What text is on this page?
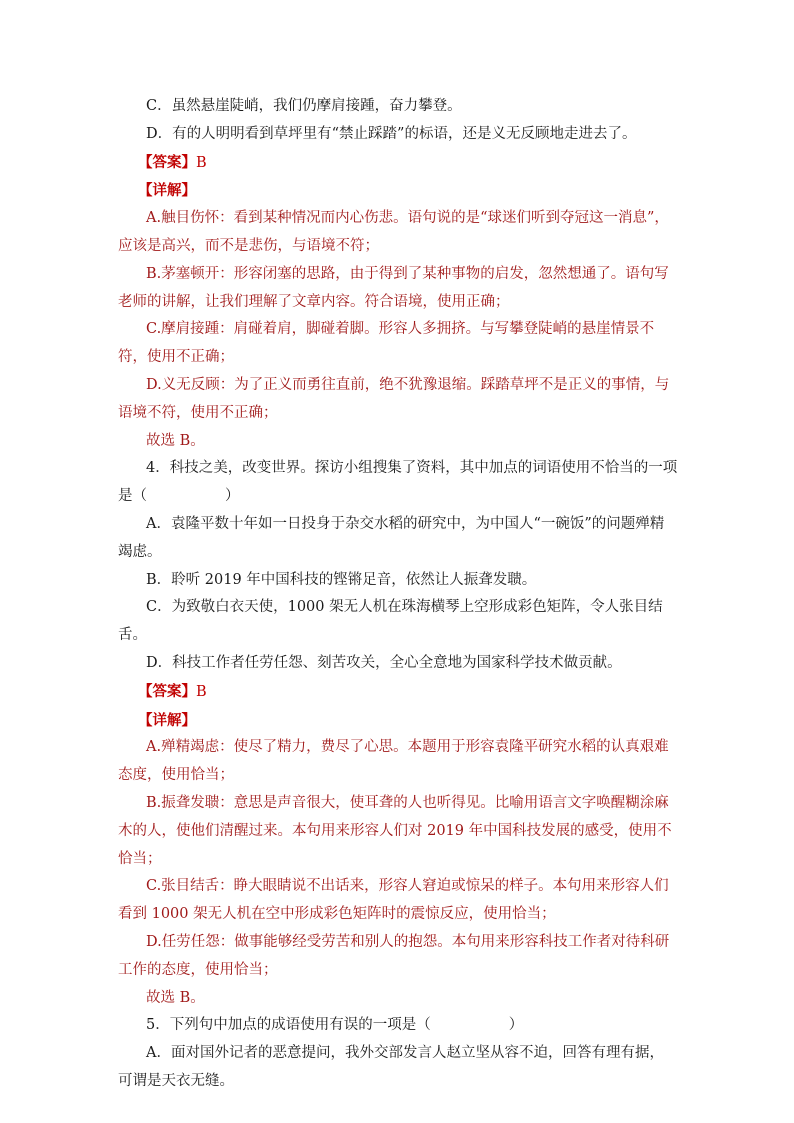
C．虽然悬崖陡峭，我们仍摩肩接踵，奋力攀登。

D．有的人明明看到草坪里有“禁止踩踏”的标语，还是义无反顾地走进去了。

【答案】B

【详解】

A.触目伤怀：看到某种情况而内心伤悲。语句说的是“球迷们听到夺冠这一消息”，应该是高兴，而不是悲伤，与语境不符；

B.茅塞顿开：形容闭塞的思路，由于得到了某种事物的启发，忽然想通了。语句写老师的讲解，让我们理解了文章内容。符合语境，使用正确；

C.摩肩接踵：肩碰着肩，脚碰着脚。形容人多拥挤。与写攀登陡峭的悬崖情景不符，使用不正确；

D.义无反顾：为了正义而勇往直前，绝不犹豫退缩。踩踏草坪不是正义的事情，与语境不符，使用不正确；

故选 B。

4．科技之美，改变世界。探访小组搜集了资料，其中加点的词语使用不恰当的一项是（	）

A．袁隆平数十年如一日投身于杂交水稻的研究中，为中国人“一碗饭”的问题殚精竭虑。

B．聆听 2019 年中国科技的铿锵足音，依然让人振聋发聩。

C．为致敬白衣天使，1000 架无人机在珠海横琴上空形成彩色矩阵，令人张目结舌。

D．科技工作者任劳任怨、刻苦攻关，全心全意地为国家科学技术做贡献。

【答案】B

【详解】

A.殚精竭虑：使尽了精力，费尽了心思。本题用于形容袁隆平研究水稻的认真艰难态度，使用恰当；

B.振聋发聩：意思是声音很大，使耳聋的人也听得见。比喻用语言文字唤醒糊涂麻木的人，使他们清醒过来。本句用来形容人们对 2019 年中国科技发展的感受，使用不恰当；

C.张目结舌：睁大眼睛说不出话来，形容人窘迫或惊呆的样子。本句用来形容人们看到 1000 架无人机在空中形成彩色矩阵时的震惊反应，使用恰当；

D.任劳任怨：做事能够经受劳苦和别人的抱怨。本句用来形容科技工作者对待科研工作的态度，使用恰当；

故选 B。

5．下列句中加点的成语使用有误的一项是（	）

A．面对国外记者的恶意提问，我外交部发言人赵立坚从容不迫，回答有理有据，可谓是天衣无缝。
